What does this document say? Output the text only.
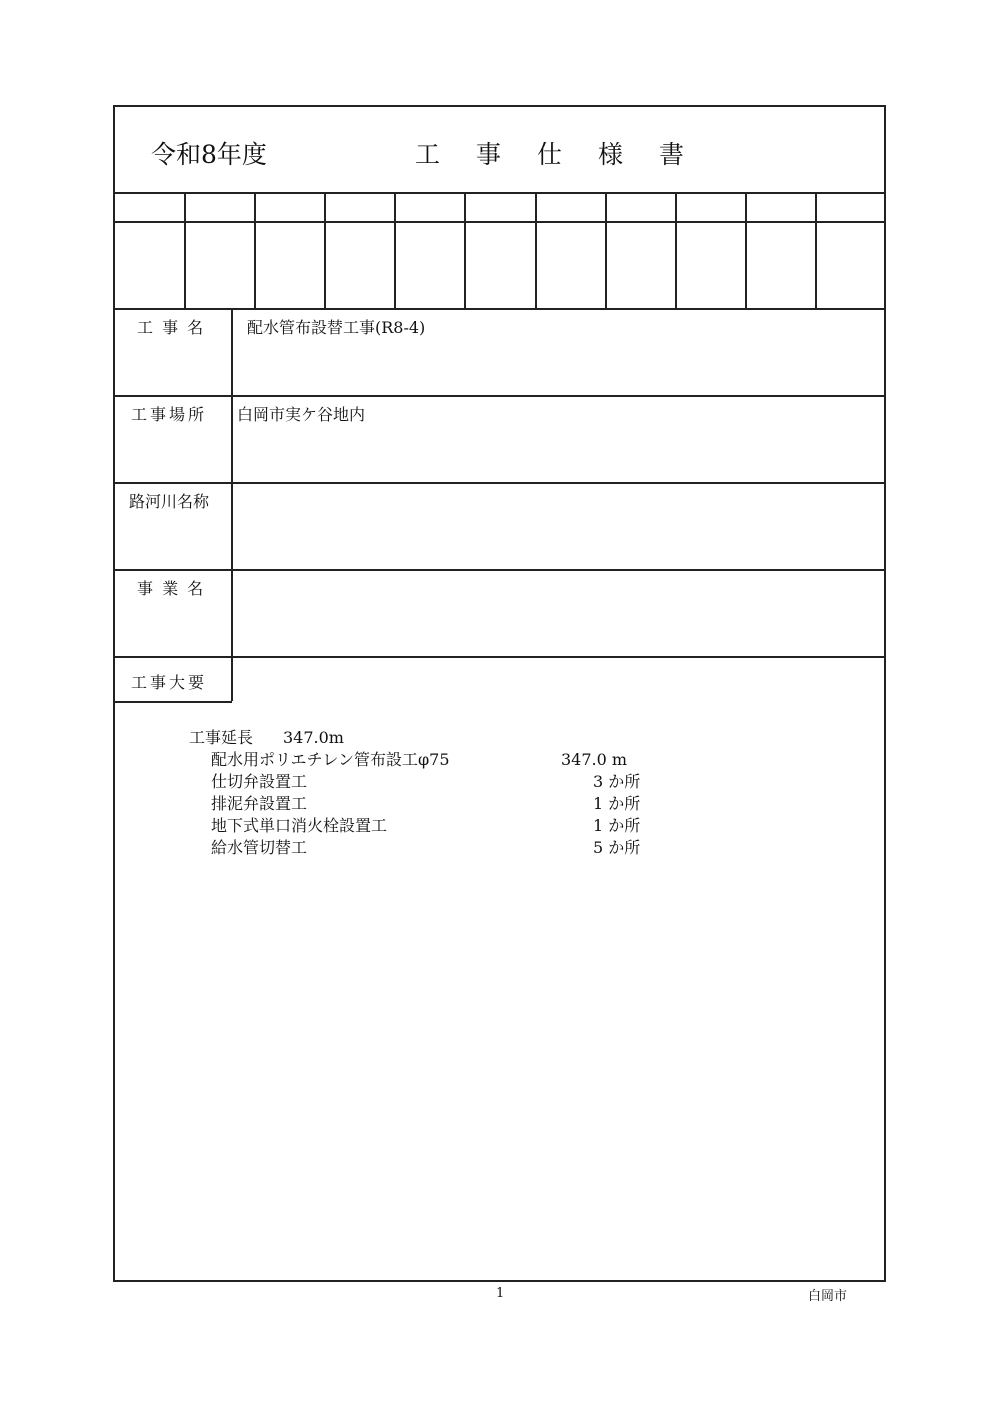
令和8年度	工 事 仕 様 書
工 事 名	配水管布設替工事(R8-4)
工事場所 白岡市実ケ谷地内
路河川名称
事 業 名
工事大要
工事延長 347.0m
配水用ポリエチレン管布設工φ75	347.0 m
仕切弁設置工	3 か所
排泥弁設置工	1 か所
地下式単口消火栓設置工	1 か所
給水管切替工	5 か所
1	白岡市
